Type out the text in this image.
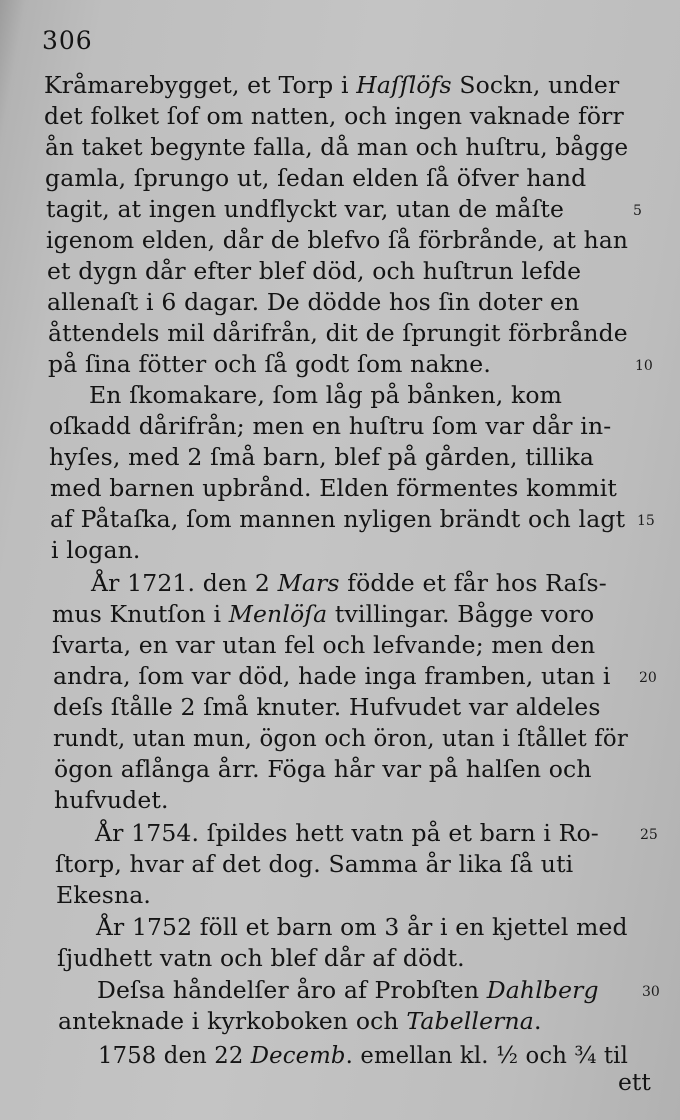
306

Kråmarebygget, et Torp i Haſſlöfs Sockn, under

det folket ſof om natten, och ingen vaknade förr

ån taket begynte falla, då man och huſtru, bågge

gamla, ſprungo ut, ſedan elden ſå öfver hand

tagit, at ingen undflyckt var, utan de måſte	5

igenom elden, dår de blefvo ſå förbrånde, at han

et dygn dår efter blef död, och huſtrun lefde

allenaſt i 6 dagar. De dödde hos ſin doter en

åttendels mil dårifrån, dit de ſprungit förbrånde

på ſina fötter och ſå godt ſom nakne.	10

En ſkomakare, ſom låg på bånken, kom

oſkadd dårifrån; men en huſtru ſom var dår in-

hyſes, med 2 ſmå barn, blef på gården, tillika

med barnen upbrånd. Elden förmentes kommit

af Påtaſka, ſom mannen nyligen brändt och lagt 15

i logan.

År 1721. den 2 Mars födde et får hos Raſs-

mus Knutſon i Menlöſa tvillingar. Bågge voro

ſvarta, en var utan fel och lefvande; men den

andra, ſom var död, hade inga framben, utan i 20

deſs ſtålle 2 ſmå knuter. Hufvudet var aldeles

rundt, utan mun, ögon och öron, utan i ſtållet för

ögon aflånga årr. Föga hår var på halſen och

hufvudet.

År 1754. ſpildes hett vatn på et barn i Ro-	25

ſtorp, hvar af det dog. Samma år lika ſå uti

Ekesna.

År 1752 föll et barn om 3 år i en kjettel med

ſjudhett vatn och blef dår af dödt.

Deſsa håndelſer åro af Probſten Dahlberg	30

anteknade i kyrkoboken och Tabellerna.

1758 den 22 Decemb. emellan kl. ½ och ¾ til

ett
